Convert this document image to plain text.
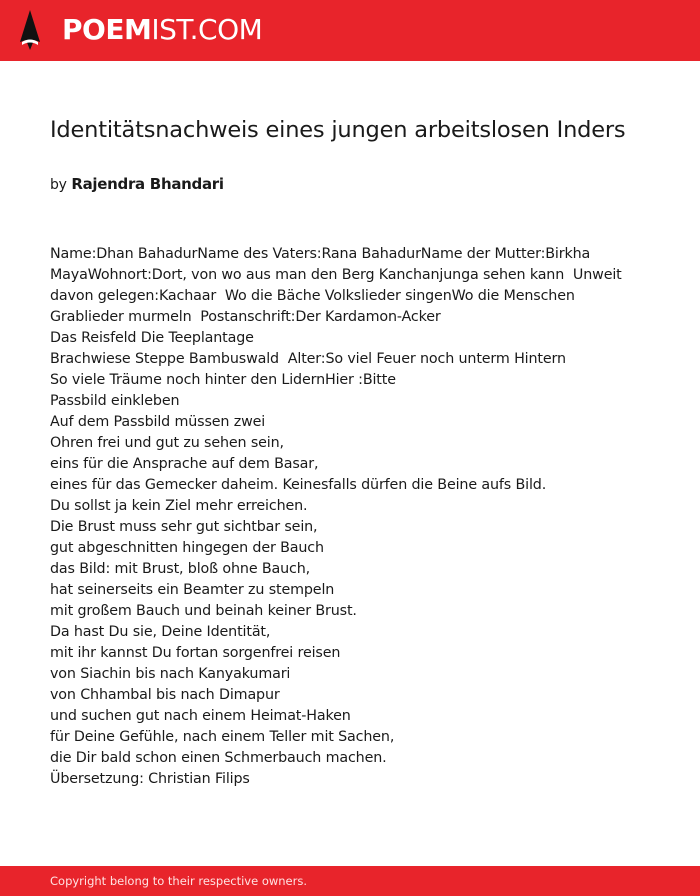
POEMIST.COM
Identitätsnachweis eines jungen arbeitslosen Inders
by Rajendra Bhandari
Name:Dhan BahadurName des Vaters:Rana BahadurName der Mutter:Birkha
MayaWohnort:Dort, von wo aus man den Berg Kanchanjunga sehen kann  Unweit
davon gelegen:Kachaar  Wo die Bäche Volkslieder singenWo die Menschen
Grablieder murmeln  Postanschrift:Der Kardamon-Acker
Das Reisfeld Die Teeplantage
Brachwiese Steppe Bambuswald  Alter:So viel Feuer noch unterm Hintern
So viele Träume noch hinter den LidernHier :Bitte
Passbild einkleben
Auf dem Passbild müssen zwei
Ohren frei und gut zu sehen sein,
eins für die Ansprache auf dem Basar,
eines für das Gemecker daheim. Keinesfalls dürfen die Beine aufs Bild.
Du sollst ja kein Ziel mehr erreichen.
Die Brust muss sehr gut sichtbar sein,
gut abgeschnitten hingegen der Bauch
das Bild: mit Brust, bloß ohne Bauch,
hat seinerseits ein Beamter zu stempeln
mit großem Bauch und beinah keiner Brust.
Da hast Du sie, Deine Identität,
mit ihr kannst Du fortan sorgenfrei reisen
von Siachin bis nach Kanyakumari
von Chhambal bis nach Dimapur
und suchen gut nach einem Heimat-Haken
für Deine Gefühle, nach einem Teller mit Sachen,
die Dir bald schon einen Schmerbauch machen.
Übersetzung: Christian Filips
Copyright belong to their respective owners.
